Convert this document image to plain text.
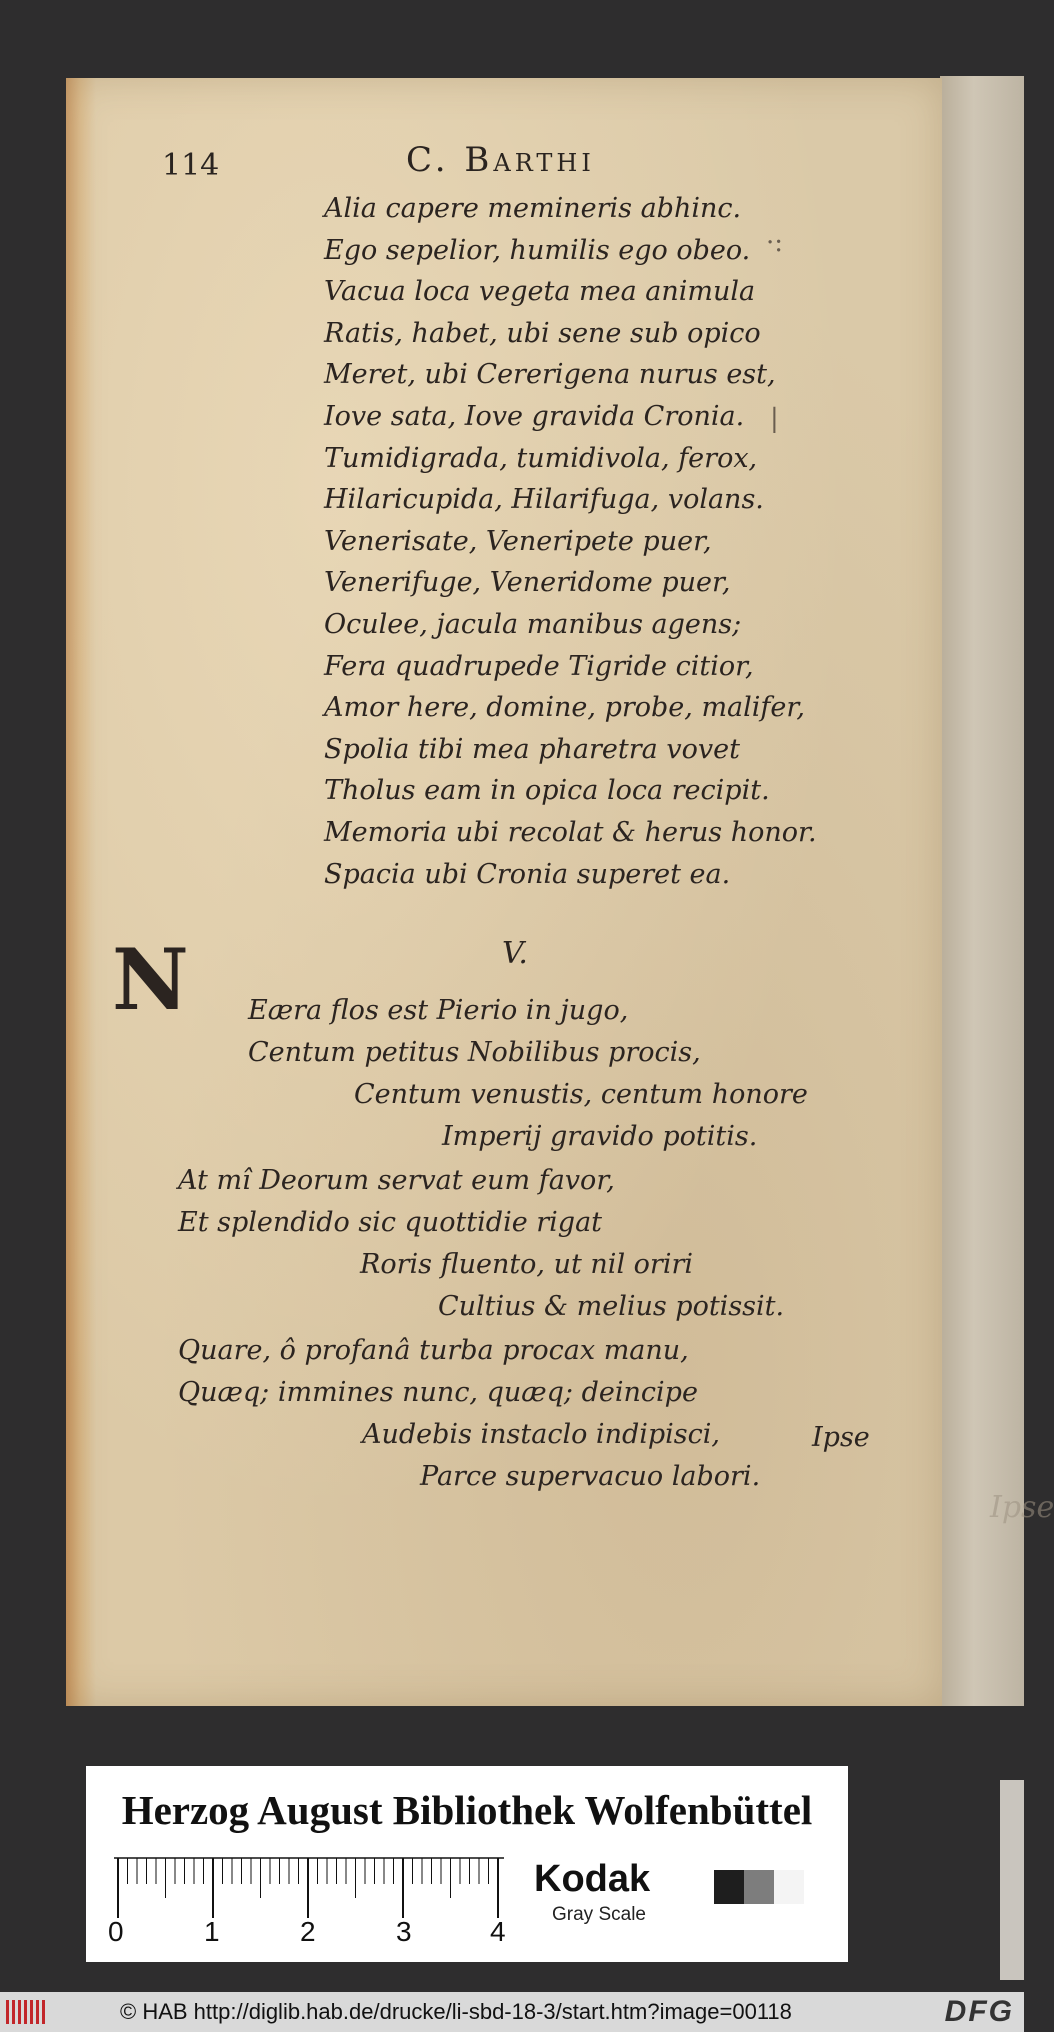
Ipse
114	C. Barthi
Alia capere memineris abhinc.
Ego sepelior, humilis ego obeo.
Vacua loca vegeta mea animula
Ratis, habet, ubi sene sub opico
Meret, ubi Cererigena nurus est,
Iove sata, Iove gravida Cronia.
Tumidigrada, tumidivola, ferox,
Hilaricupida, Hilarifuga, volans.
Venerisate, Veneripete puer,
Venerifuge, Veneridome puer,
Oculee, jacula manibus agens;
Fera quadrupede Tigride citior,
Amor here, domine, probe, malifer,
Spolia tibi mea pharetra vovet
Tholus eam in opica loca recipit.
Memoria ubi recolat & herus honor.
Spacia ubi Cronia superet ea.
·:
|
V.
N Eæra flos est Pierio in jugo,
Centum petitus Nobilibus procis,
Centum venustis, centum honore
Imperij gravido potitis.
At mî Deorum servat eum favor,
Et splendido sic quottidie rigat
Roris fluento, ut nil oriri
Cultius & melius potissit.
Quare, ô profanâ turba procax manu,
Quæq; immines nunc, quæq; deincipe
Audebis instaclo indipisci,
Parce supervacuo labori.
Ipse
Herzog August Bibliothek Wolfenbüttel
0	1	2	3	4
Kodak
Gray Scale
© HAB http://diglib.hab.de/drucke/li-sbd-18-3/start.htm?image=00118	DFG
